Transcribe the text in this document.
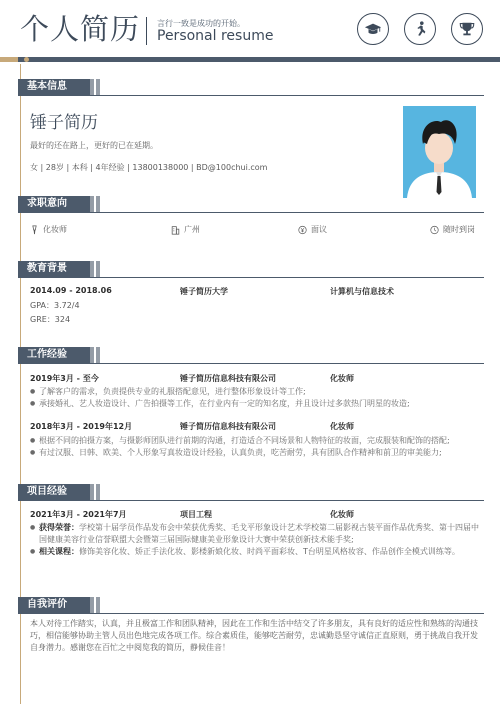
个人简历 言行一致是成功的开始。
Personal resume
基本信息
锤子简历
最好的还在路上，更好的已在延期。
女 | 28岁 | 本科 | 4年经验 | 13800138000 | BD@100chui.com
求职意向
化妆师	广州	面议	随时到岗
教育背景
2014.09 - 2018.06	锤子简历大学	计算机与信息技术
GPA：3.72/4
GRE：324
工作经验
2019年3月 - 至今	锤子简历信息科技有限公司	化妆师
● 了解客户的需求，负责提供专业的礼服搭配意见，进行整体形象设计等工作;
● 承接婚礼、艺人妆造设计、广告拍摄等工作，在行业内有一定的知名度，并且设计过多款热门明星的妆造;
2018年3月 - 2019年12月	锤子简历信息科技有限公司	化妆师
● 根据不同的拍摄方案，与摄影师团队进行前期的沟通，打造适合不同场景和人物特征的妆面，完成服装和配饰的搭配;
● 有过汉服、日韩、欧美、个人形象写真妆造设计经验，认真负责，吃苦耐劳，具有团队合作精神和前卫的审美能力;
项目经验
2021年3月 - 2021年7月	项目工程	化妆师
● 获得荣誉：学校第十届学员作品发布会中荣获优秀奖、毛戈平形象设计艺术学校第二届影视古装平面作品优秀奖、第十四届中国健康美容行业信誉联盟大会暨第三届国际健康美业形象设计大赛中荣获创新技术能手奖;
● 相关课程：修饰美容化妆、矫正手法化妆、影楼新娘化妆、时尚平面彩妆、T台明星风格妆容、作品创作全模式训练等。
自我评价
本人对待工作踏实，认真，并且极富工作和团队精神，因此在工作和生活中结交了许多朋友，具有良好的适应性和熟练的沟通技巧，相信能够协助主管人员出色地完成各项工作。综合素质佳，能够吃苦耐劳，忠诚勤恳坚守诚信正直原则，勇于挑战自我开发自身潜力。感谢您在百忙之中阅览我的简历，静候佳音！
